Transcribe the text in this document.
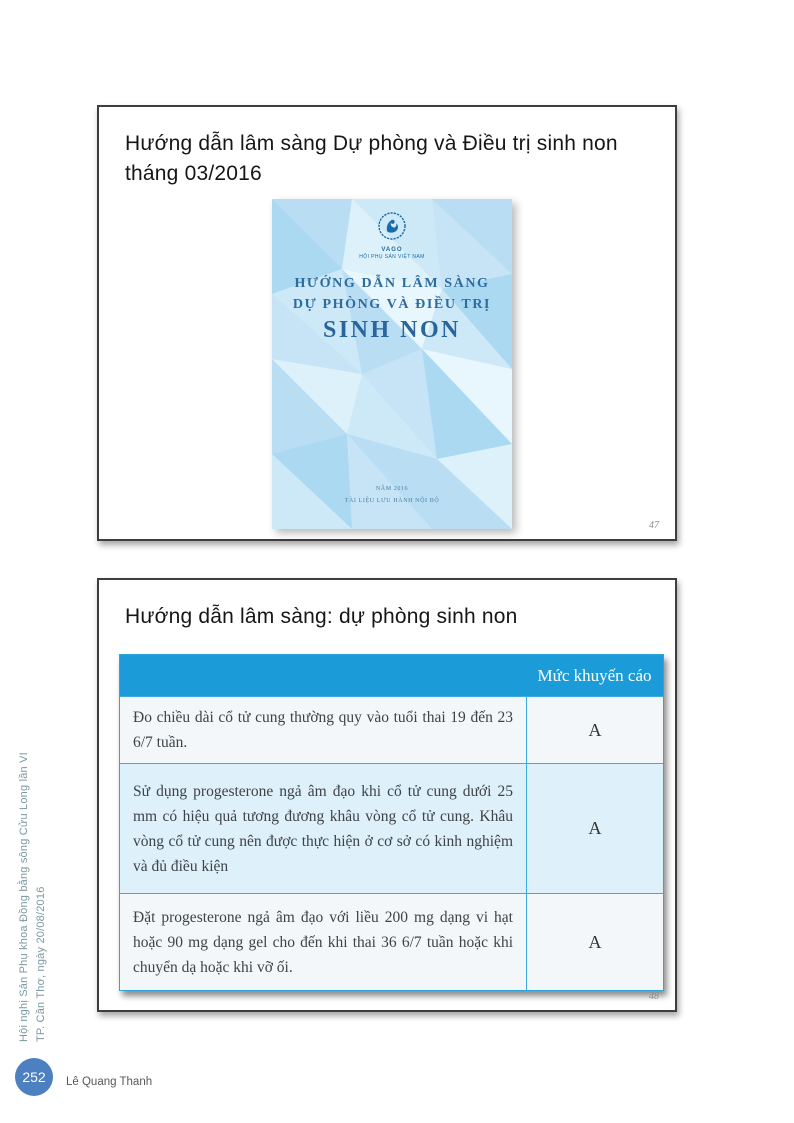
Hội nghị Sản Phụ khoa Đồng bằng sông Cửu Long lần VI TP. Cần Thơ, ngày 20/08/2016
Hướng dẫn lâm sàng Dự phòng và Điều trị sinh non tháng 03/2016
VAGO
HỘI PHỤ SẢN VIỆT NAM
HƯỚNG DẪN LÂM SÀNG
DỰ PHÒNG VÀ ĐIỀU TRỊ
SINH NON
NĂM 2016
TÀI LIỆU LƯU HÀNH NỘI BỘ
47
Hướng dẫn lâm sàng: dự phòng sinh non
Mức khuyến cáo
Đo chiều dài cổ tử cung thường quy vào tuổi thai 19 đến 23 6/7 tuần.
A
Sử dụng progesterone ngả âm đạo khi cổ tử cung dưới 25 mm có hiệu quả tương đương khâu vòng cổ tử cung. Khâu vòng cổ tử cung nên được thực hiện ở cơ sở có kinh nghiệm và đủ điều kiện
A
Đặt progesterone ngả âm đạo với liều 200 mg dạng vi hạt hoặc 90 mg dạng gel cho đến khi thai 36 6/7 tuần hoặc khi chuyển dạ hoặc khi vỡ ối.
A
48
252 Lê Quang Thanh
